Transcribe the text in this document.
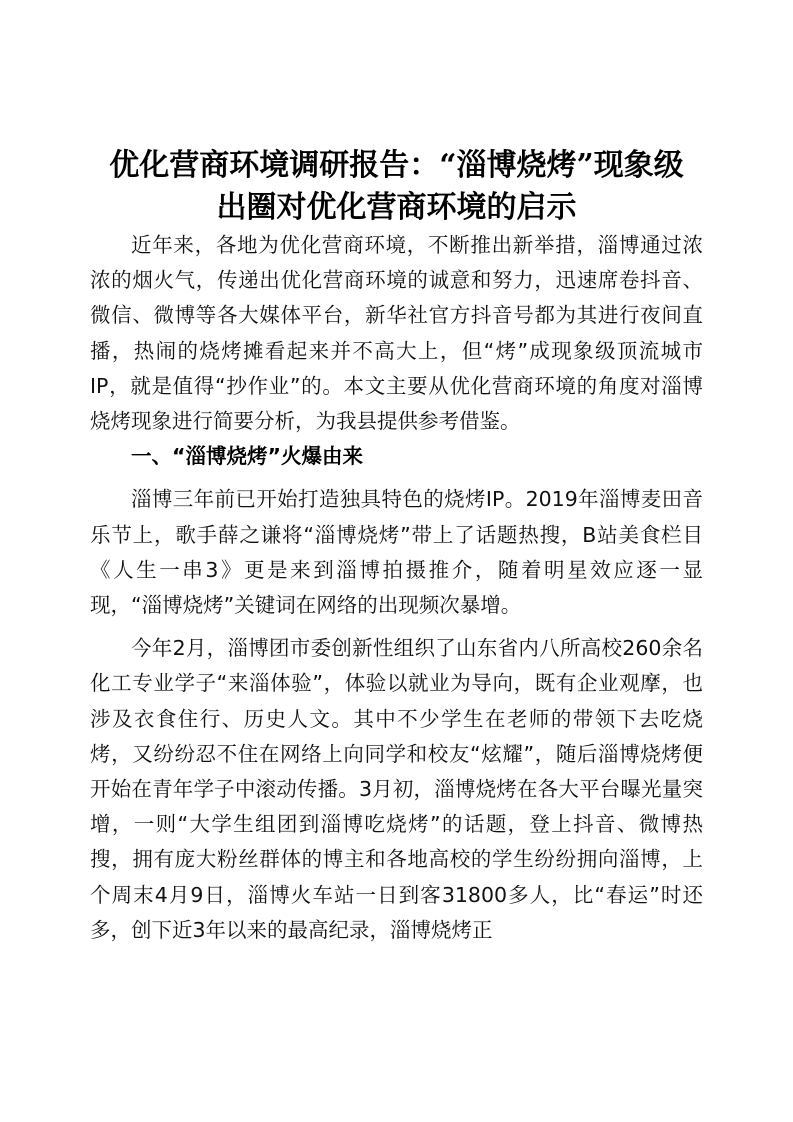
优化营商环境调研报告：“淄博烧烤”现象级
出圈对优化营商环境的启示

近年来，各地为优化营商环境，不断推出新举措，淄博通过浓浓的烟火气，传递出优化营商环境的诚意和努力，迅速席卷抖音、微信、微博等各大媒体平台，新华社官方抖音号都为其进行夜间直播，热闹的烧烤摊看起来并不高大上，但“烤”成现象级顶流城市IP，就是值得“抄作业”的。本文主要从优化营商环境的角度对淄博烧烤现象进行简要分析，为我县提供参考借鉴。

一、“淄博烧烤”火爆由来

淄博三年前已开始打造独具特色的烧烤IP。2019年淄博麦田音乐节上，歌手薛之谦将“淄博烧烤”带上了话题热搜，B站美食栏目《人生一串3》更是来到淄博拍摄推介，随着明星效应逐一显现，“淄博烧烤”关键词在网络的出现频次暴增。

今年2月，淄博团市委创新性组织了山东省内八所高校260余名化工专业学子“来淄体验”，体验以就业为导向，既有企业观摩，也涉及衣食住行、历史人文。其中不少学生在老师的带领下去吃烧烤，又纷纷忍不住在网络上向同学和校友“炫耀”，随后淄博烧烤便开始在青年学子中滚动传播。3月初，淄博烧烤在各大平台曝光量突增，一则“大学生组团到淄博吃烧烤”的话题，登上抖音、微博热搜，拥有庞大粉丝群体的博主和各地高校的学生纷纷拥向淄博，上个周末4月9日，淄博火车站一日到客31800多人，比“春运”时还多，创下近3年以来的最高纪录，淄博烧烤正
